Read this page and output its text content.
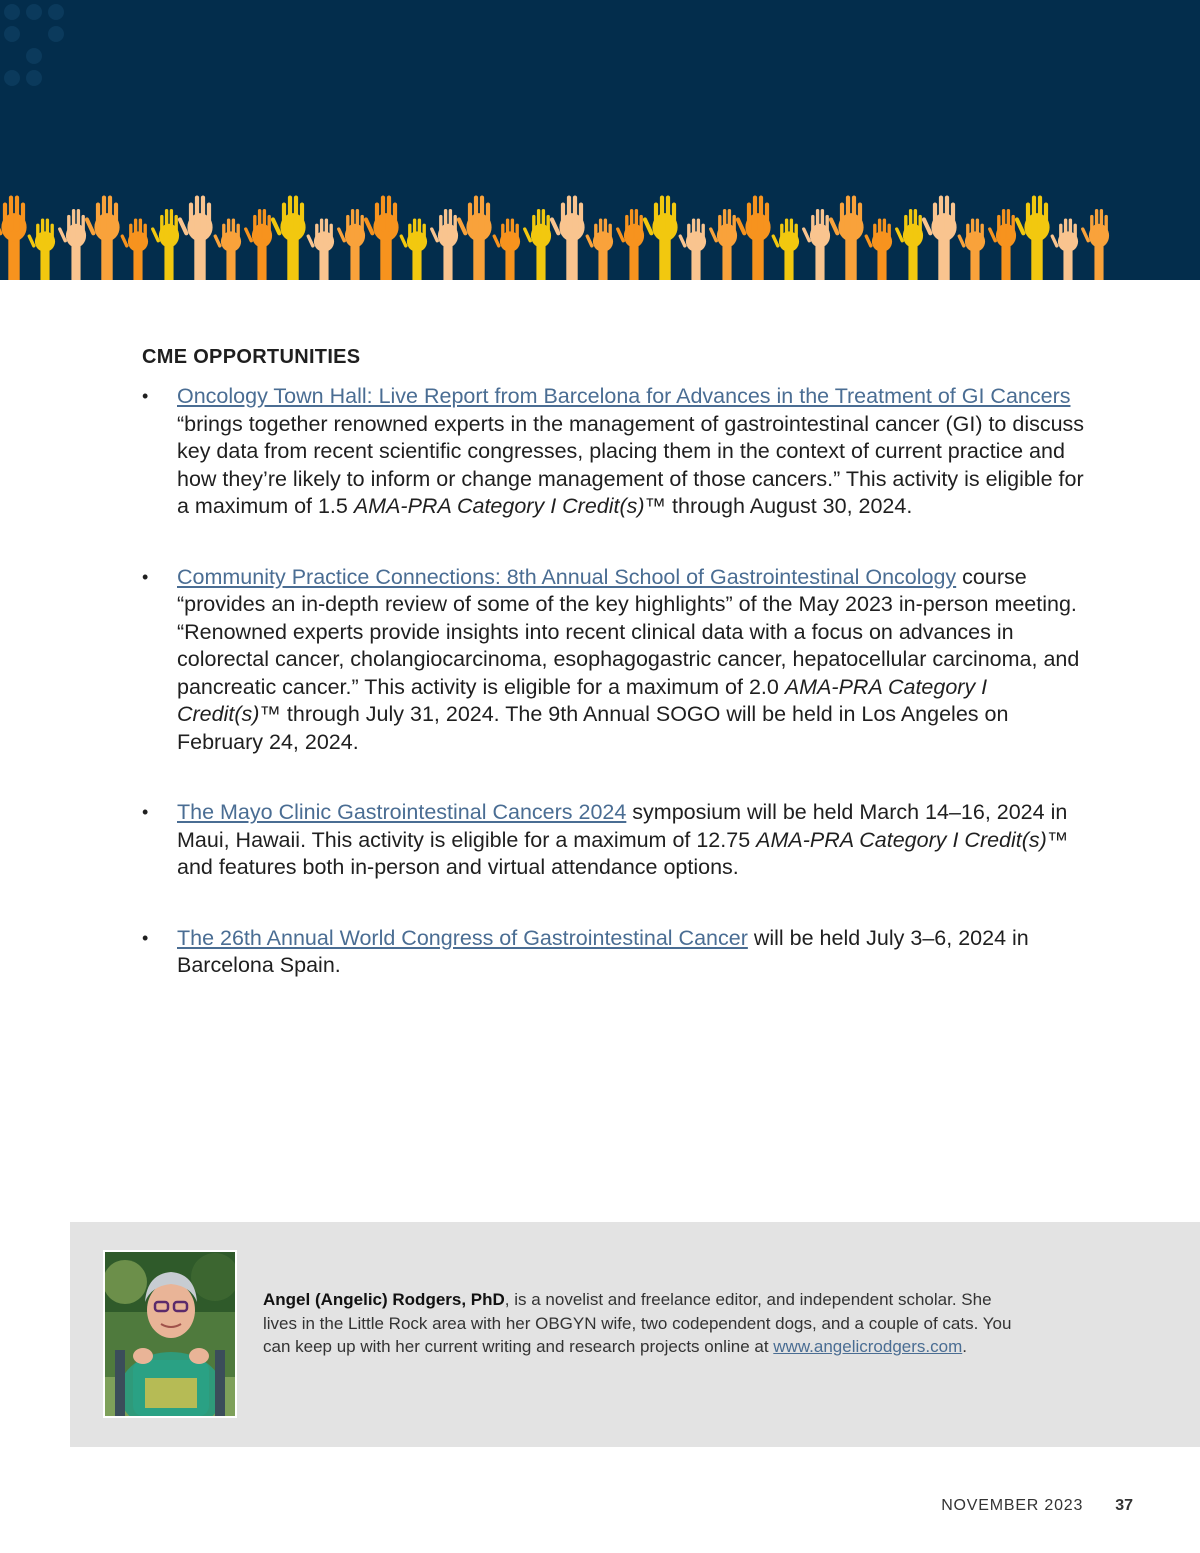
CME OPPORTUNITIES
• Oncology Town Hall: Live Report from Barcelona for Advances in the Treatment of GI Cancers “brings together renowned experts in the management of gastrointestinal cancer (GI) to discuss key data from recent scientific congresses, placing them in the context of current practice and how they’re likely to inform or change management of those cancers.” This activity is eligible for a maximum of 1.5 AMA-PRA Category I Credit(s)™ through August 30, 2024.
• Community Practice Connections: 8th Annual School of Gastrointestinal Oncology course “provides an in-depth review of some of the key highlights” of the May 2023 in-person meeting. “Renowned experts provide insights into recent clinical data with a focus on advances in colorectal cancer, cholangiocarcinoma, esophagogastric cancer, hepatocellular carcinoma, and pancreatic cancer.” This activity is eligible for a maximum of 2.0 AMA-PRA Category I Credit(s)™ through July 31, 2024. The 9th Annual SOGO will be held in Los Angeles on February 24, 2024.
• The Mayo Clinic Gastrointestinal Cancers 2024 symposium will be held March 14–16, 2024 in Maui, Hawaii. This activity is eligible for a maximum of 12.75 AMA-PRA Category I Credit(s)™ and features both in-person and virtual attendance options.
• The 26th Annual World Congress of Gastrointestinal Cancer will be held July 3–6, 2024 in Barcelona Spain.
Angel (Angelic) Rodgers, PhD, is a novelist and freelance editor, and independent scholar. She lives in the Little Rock area with her OBGYN wife, two codependent dogs, and a couple of cats. You can keep up with her current writing and research projects online at www.angelicrodgers.com.
NOVEMBER 2023 37
